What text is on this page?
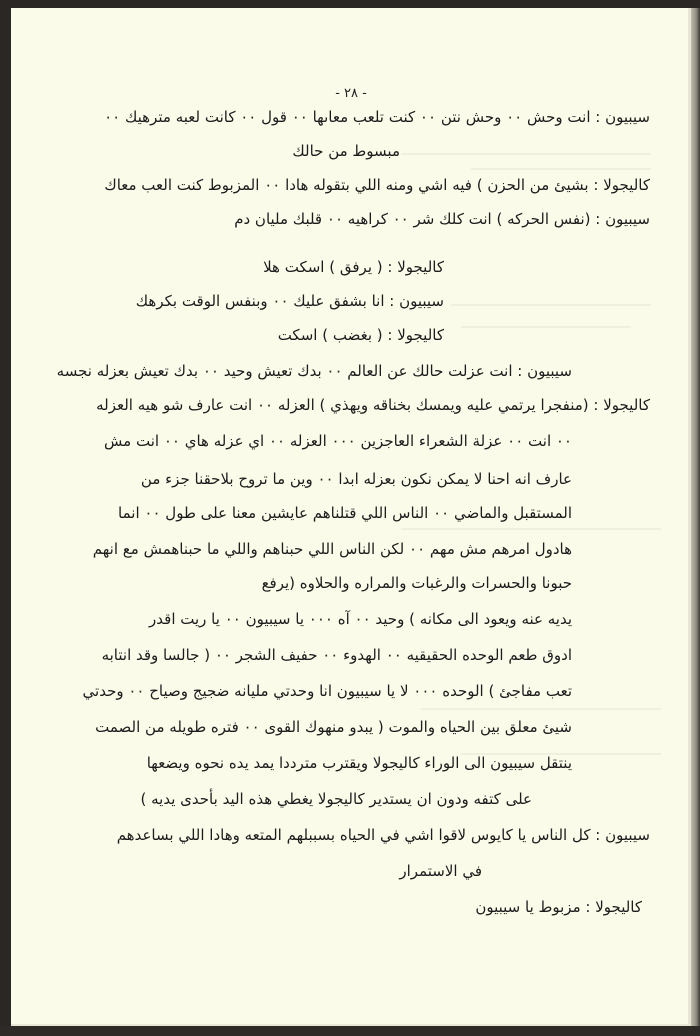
- ٢٨ -
سيبيون : انت وحش ٠٠ وحش نتن ٠٠ كنت تلعب معاىها ٠٠ قول ٠٠ كانت لعبه مترهيك ٠٠
مبسوط من حالك
كاليجولا : بشيئ من الحزن ) فيه اشي ومنه اللي بتقوله هادا ٠٠ المزبوط كنت العب معاك
سيبيون : (نفس الحركه ) انت كلك شر ٠٠ كراهيه ٠٠ قلبك مليان دم
كاليجولا : ( يرفق ) اسكت هلا
سيبيون : انا بشفق عليك ٠٠ وبنفس الوقت بكرهك
كاليجولا : ( بغضب ) اسكت
سيبيون : انت عزلت حالك عن العالم ٠٠ بدك تعيش وحيد ٠٠ بدك تعيش بعزله نجسه
كاليجولا : (منفجرا يرتمي عليه ويمسك بخناقه ويهذي ) العزله ٠٠ انت عارف شو هيه العزله
٠٠ انت ٠٠ عزلة الشعراء العاجزين ٠٠٠ العزله ٠٠ اي عزله هاي ٠٠ انت مش
عارف انه احنا لا يمكن نكون بعزله ابدا ٠٠ وين ما تروح بلاحقنا جزء من
المستقبل والماضي ٠٠ الناس اللي قتلناهم عايشين معنا على طول ٠٠ انما
هادول امرهم مش مهم ٠٠ لكن الناس اللي حبناهم واللي ما حبناهمش مع انهم
حبونا والحسرات والرغبات والمراره والحلاوه (يرفع
يديه عنه ويعود الى مكانه ) وحيد ٠٠ آه ٠٠٠ يا سيبيون ٠٠ يا ريت اقدر
ادوق طعم الوحده الحقيقيه ٠٠ الهدوء ٠٠ حفيف الشجر ٠٠ ( جالسا وقد انتابه
تعب مفاجئ ) الوحده ٠٠٠ لا يا سيبيون انا وحدتي مليانه ضجيج وصياح ٠٠ وحدتي
شيئ معلق بين الحياه والموت ( يبدو منهوك القوى ٠٠ فتره طويله من الصمت
ينتقل سيبيون الى الوراء كاليجولا ويقترب مترددا يمد يده نحوه ويضعها
على كتفه ودون ان يستدير كاليجولا يغطي هذه اليد بأحدى يديه )
سيبيون : كل الناس يا كايوس لاقوا اشي في الحياه بسببلهم المتعه وهادا اللي بساعدهم
في الاستمرار
كاليجولا : مزبوط يا سيبيون
